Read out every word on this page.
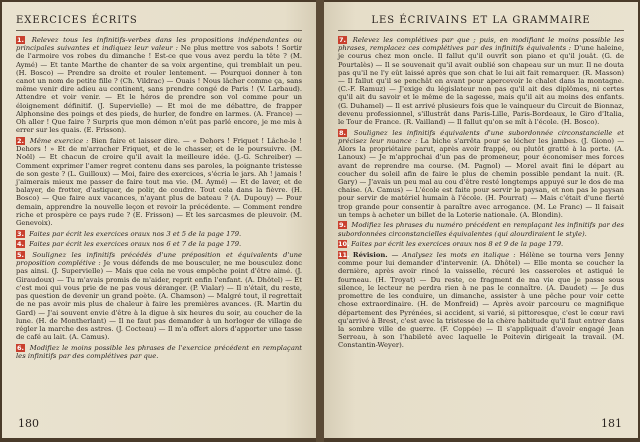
EXERCICES ÉCRITS

1. Relevez tous les infinitifs-verbes dans les propositions indépendantes ou principales suivantes et indiquez leur valeur : Ne plus mettre vos sabots ! Sortir de l'armoire vos robes du dimanche ! Est-ce que vous avez perdu la tête ? (M. Aymé) — Et tante Marthe de chanter de sa voix argentine, qui tremblait un peu. (H. Bosco) — Prendre sa droite et rouler lentement. — Pourquoi donner à ton canot un nom de petite fille ? (Ch. Vildrac) — Ouais ! Nous lâcher comme ça, sans même venir dire adieu au continent, sans prendre congé de Paris ! (V. Larbaud). Attendre et voir venir. — Et le héros de prendre son vol comme pour un éloignement définitif. (J. Supervielle) — Et moi de me débattre, de frapper Alphonsine des poings et des pieds, de hurler, de fondre en larmes. (A. France) — Oh aller ! Que faire ? Surpris que mon démon n'eût pas parlé encore, je me mis à errer sur les quais. (E. Frisson).

2. Même exercice : Bien faire et laisser dire. — « Dehors ! Friquet ! Lâche-le ! Dehors ! » Et de m'arracher Friquet, et de le chasser, et de le poursuivre. (M. Noël) — Et chacun de croire qu'il avait la meilleure idée. (J.-G. Schreiber) — Comment exprimer l'amer regret contenu dans ses paroles, la poignante tristesse de son geste ? (L. Guilloux) — Moi, faire des exercices, s'écria le jars. Ah ! jamais ! j'aimerais mieux me passer de faire tout ma vie. (M. Aymé) — Et de laver, et de balayer, de frotter, d'astiquer, de polir, de coudre. Tout cela dans la fièvre. (H. Bosco) — Que faire aux vacances, n'ayant plus de bateau ? (A. Dupouy) — Pour demain, apprendre la nouvelle leçon et revoir la précédente. — Comment rendre riche et prospère ce pays rude ? (E. Frisson) — Et les sarcasmes de pleuvoir. (M. Genevoix).

3. Faites par écrit les exercices oraux nos 3 et 5 de la page 179.

4. Faites par écrit les exercices oraux nos 6 et 7 de la page 179.

5. Soulignez les infinitifs précédés d'une préposition et équivalents d'une proposition complétive : Je vous défends de me bousculer, ne me bousculez donc pas ainsi. (J. Supervielle) — Mais que cela ne vous empêche point d'être aimé. (J. Giraudoux) — Tu m'avais promis de m'aider, reprit enfin l'enfant. (A. Dhôtel) — Et c'est moi qui vous prie de ne pas vous déranger. (P. Vialar) — Il n'était, du reste, pas question de devenir un grand poète. (A. Chamson) — Malgré tout, il regrettait de ne pas avoir mis plus de chaleur à faire les premières avances. (R. Martin du Gard) — J'ai souvent envie d'être à la digue à six heures du soir, au coucher de la lune. (H. de Montherlant) — Il ne faut pas demander à un horloger de village de régler la marche des astres. (J. Cocteau) — Il m'a offert alors d'apporter une tasse de café au lait. (A. Camus).

6. Modifiez le moins possible les phrases de l'exercice précédent en remplaçant les infinitifs par des complétives par que.

180
LES ÉCRIVAINS ET LA GRAMMAIRE

7. Relevez les complétives par que ; puis, en modifiant le moins possible les phrases, remplacez ces complétives par des infinitifs équivalents : D'une haleine, je courus chez mon oncle. Il fallut qu'il ouvrît son piano et qu'il jouât. (G. de Pourtalès) — Il se souvenait qu'il avait oublié son chapeau sur un mur. Il ne douta pas qu'il ne l'y eût laissé après que son chat le lui ait fait remarquer. (R. Masson) — Il fallut qu'il se penchât en avant pour apercevoir le chalet dans la montagne. (C.-F. Ramuz) — J'exige du législateur non pas qu'il ait des diplômes, ni certes qu'il ait du savoir et le même de la sagesse, mais qu'il ait au moins des enfants. (G. Duhamel) — Il est arrivé plusieurs fois que le vainqueur du Circuit de Bionnaz, devenu professionnel, s'illustrât dans Paris-Lille, Paris-Bordeaux, le Giro d'Italia, le Tour de France. (R. Vailland) — Il fallut qu'on se mît à l'école. (H. Bosco).

8. Soulignez les infinitifs équivalents d'une subordonnée circonstancielle et précisez leur nuance : La biche s'arrêta pour se lécher les jambes. (J. Giono) — Alors la propriétaire parut, après avoir frappé, ou plutôt gratté à la porte. (A. Lanoux) — Je m'approchai d'un pas de promeneur, pour économiser mes forces avant de reprendre ma course. (M. Pagnol) — Morel avait fini le départ au coucher du soleil afin de faire le plus de chemin possible pendant la nuit. (R. Gary) — J'avais un peu mal au cou d'être resté longtemps appuyé sur le dos de ma chaise. (A. Camus) — L'école est faite pour servir le paysan, et non pas le paysan pour servir de matériel humain à l'école. (H. Pourrat) — Mais c'était d'une fierté trop grande pour consentir à paraître avec arrogance. (M. Le Franc) — Il faisait un temps à acheter un billet de la Loterie nationale. (A. Blondin).

9. Modifiez les phrases du numéro précédent en remplaçant les infinitifs par des subordonnées circonstancielles équivalentes (qui alourdiraient le style).

10. Faites par écrit les exercices oraux nos 8 et 9 de la page 179.

11. Révision. — Analysez les mots en italique : Hélène se tourna vers Jenny comme pour lui demander d'intervenir. (A. Dhôtel) — Elle monta se coucher la dernière, après avoir rincé la vaisselle, récuré les casseroles et astiqué le fourneau. (H. Troyat) — Du reste, ce fragment de ma vie que je passe sous silence, le lecteur ne perdra rien à ne pas le connaître. (A. Daudet) — Je dus promettre de les conduire, un dimanche, assister à une pêche pour voir cette chose extraordinaire. (H. de Monfreid) — Après avoir parcouru ce magnifique département des Pyrénées, si accident, si varié, si pittoresque, c'est le cœur ravi qu'arrivé à Brest, c'est avec la tristesse de la chère habitude qu'il faut entrer dans la sombre ville de guerre. (F. Coppée) — Il s'appliquait d'avoir engagé Jean Serreau, à son l'habileté avec laquelle le Poitevin dirigeait la travail. (M. Constantin-Weyer).

181
